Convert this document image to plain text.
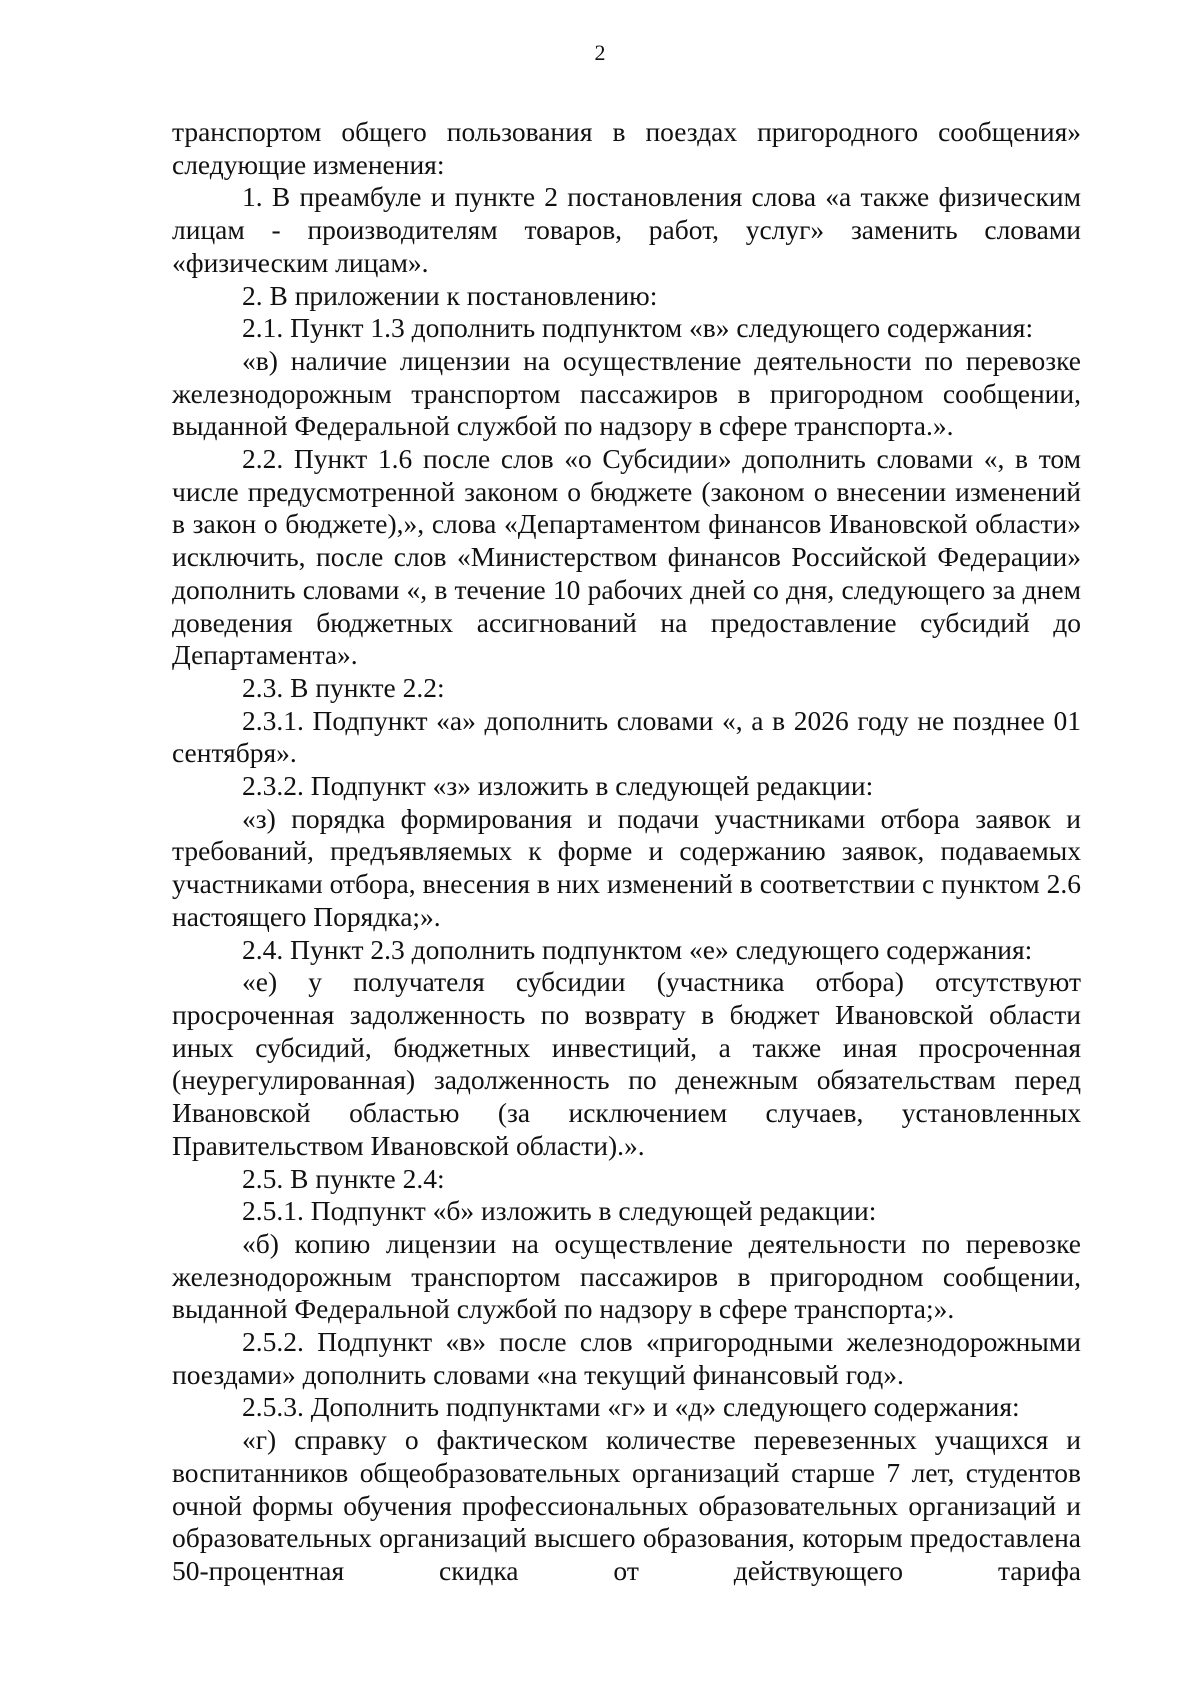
2

транспортом общего пользования в поездах пригородного сообщения» следующие изменения:

1. В преамбуле и пункте 2 постановления слова «а также физическим лицам - производителям товаров, работ, услуг» заменить словами «физическим лицам».

2. В приложении к постановлению:

2.1. Пункт 1.3 дополнить подпунктом «в» следующего содержания:

«в) наличие лицензии на осуществление деятельности по перевозке железнодорожным транспортом пассажиров в пригородном сообщении, выданной Федеральной службой по надзору в сфере транспорта.».

2.2. Пункт 1.6 после слов «о Субсидии» дополнить словами «, в том числе предусмотренной законом о бюджете (законом о внесении изменений в закон о бюджете),», слова «Департаментом финансов Ивановской области» исключить, после слов «Министерством финансов Российской Федерации» дополнить словами «, в течение 10 рабочих дней со дня, следующего за днем доведения бюджетных ассигнований на предоставление субсидий до Департамента».

2.3. В пункте 2.2:

2.3.1. Подпункт «а» дополнить словами «, а в 2026 году не позднее 01 сентября».

2.3.2. Подпункт «з» изложить в следующей редакции:

«з) порядка формирования и подачи участниками отбора заявок и требований, предъявляемых к форме и содержанию заявок, подаваемых участниками отбора, внесения в них изменений в соответствии с пунктом 2.6 настоящего Порядка;».

2.4. Пункт 2.3 дополнить подпунктом «е» следующего содержания:

«е) у получателя субсидии (участника отбора) отсутствуют просроченная задолженность по возврату в бюджет Ивановской области иных субсидий, бюджетных инвестиций, а также иная просроченная (неурегулированная) задолженность по денежным обязательствам перед Ивановской областью (за исключением случаев, установленных Правительством Ивановской области).».

2.5. В пункте 2.4:

2.5.1. Подпункт «б» изложить в следующей редакции:

«б) копию лицензии на осуществление деятельности по перевозке железнодорожным транспортом пассажиров в пригородном сообщении, выданной Федеральной службой по надзору в сфере транспорта;».

2.5.2. Подпункт «в» после слов «пригородными железнодорожными поездами» дополнить словами «на текущий финансовый год».

2.5.3. Дополнить подпунктами «г» и «д» следующего содержания:

«г) справку о фактическом количестве перевезенных учащихся и воспитанников общеобразовательных организаций старше 7 лет, студентов очной формы обучения профессиональных образовательных организаций и образовательных организаций высшего образования, которым предоставлена 50-процентная скидка от действующего тарифа
